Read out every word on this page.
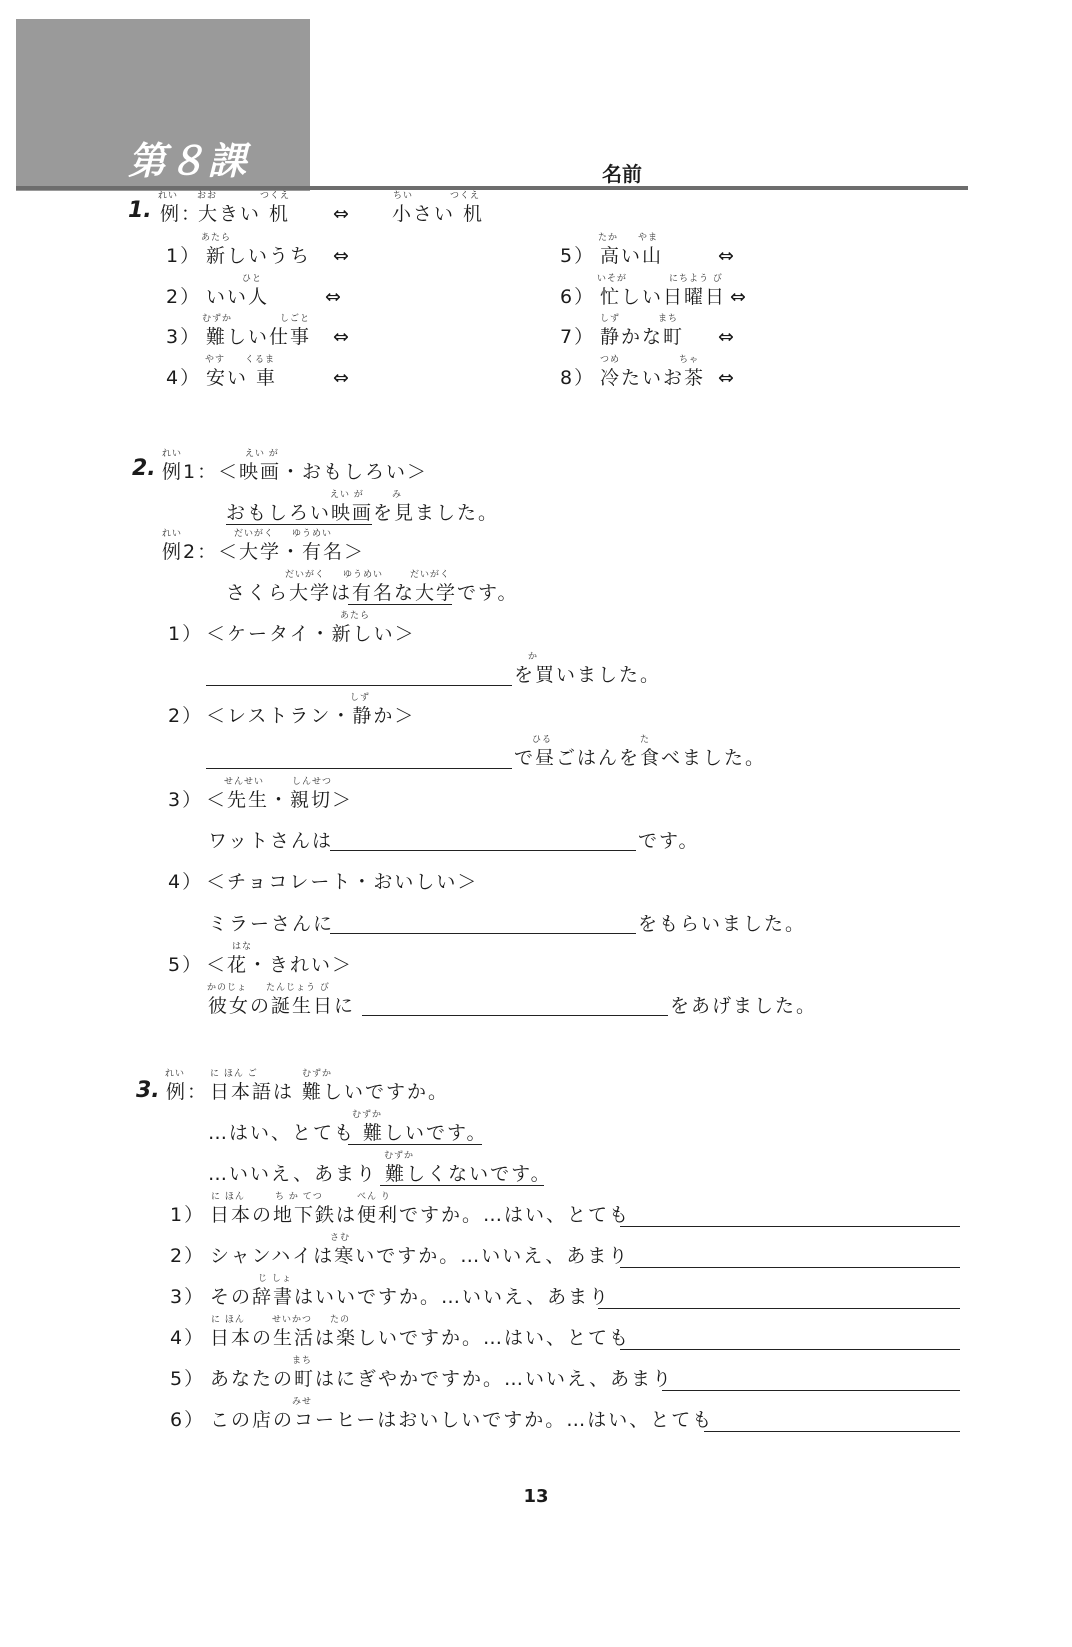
第８課	名前
1.
れい おお	つくえ	ちい	つくえ
例：
大きい 机 ⇔ 小さい 机
あたら
1） 新しいうち ⇔
ひと
2） いい人	⇔
むずか	しごと
3） 難しい仕事 ⇔
やす くるま
4） 安い 車	⇔
たか やま
5） 高い山	⇔
いそが	にちよう び
6） 忙しい日曜日 ⇔
しず	まち
7） 静かな町 ⇔
つめ	ちゃ
8） 冷たいお茶 ⇔
2.
れい	えい が
例1： ＜映画・おもしろい＞
えい が	み
おもしろい映画を見ました。
れい	だいがく ゆうめい
例2： ＜大学・有名＞
だいがく ゆうめい	だいがく
さくら大学は有名な大学です。
あたら
1） ＜ケータイ・新しい＞
か
を買いました。
しず
2） ＜レストラン・静か＞
ひる	た
で昼ごはんを食べました。
せんせい	しんせつ
3） ＜先生・親切＞
ワットさんは	です。
4） ＜チョコレート・おいしい＞
ミラーさんに	をもらいました。
はな
5） ＜花・きれい＞
かのじょ たんじょう び
彼女の誕生日に	をあげました。
3.
れい	に ほん ご	むずか
例： 日本語は 難しいですか。
むずか
…はい、とても 難しいです。
むずか
…いいえ、あまり 難しくないです。
に ほん	ち か てつ	べん り
1） 日本の地下鉄は便利ですか。…はい、とても
さむ
2） シャンハイは寒いですか。…いいえ、あまり
じ しょ
3） その辞書はいいですか。…いいえ、あまり
に ほん	せいかつ たの
4） 日本の生活は楽しいですか。…はい、とても
まち
5） あなたの町はにぎやかですか。…いいえ、あまり
みせ
6） この店のコーヒーはおいしいですか。…はい、とても
13
